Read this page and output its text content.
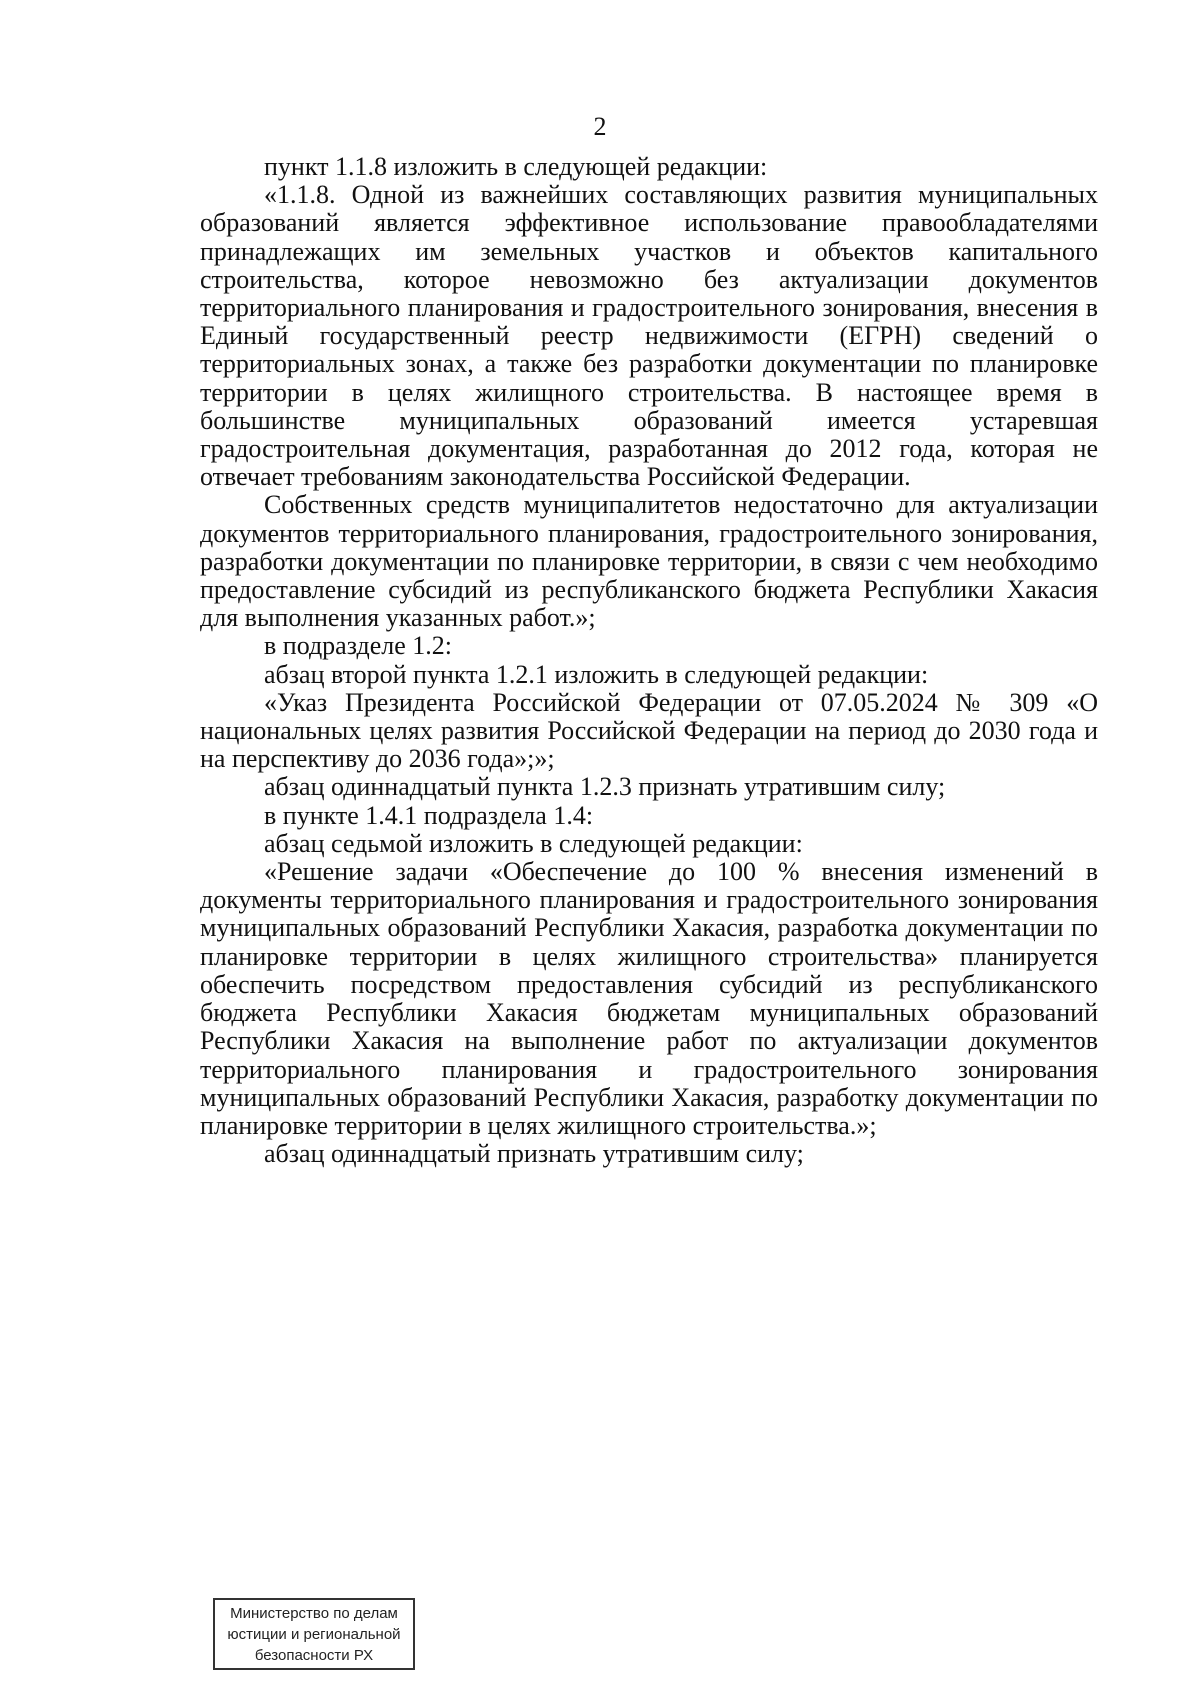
2

пункт 1.1.8 изложить в следующей редакции:

«1.1.8. Одной из важнейших составляющих развития муниципальных образований является эффективное использование правообладателями принадлежащих им земельных участков и объектов капитального строительства, которое невозможно без актуализации документов территориального планирования и градостроительного зонирования, внесения в Единый государственный реестр недвижимости (ЕГРН) сведений о территориальных зонах, а также без разработки документации по планировке территории в целях жилищного строительства. В настоящее время в большинстве муниципальных образований имеется устаревшая градостроительная документация, разработанная до 2012 года, которая не отвечает требованиям законодательства Российской Федерации.

Собственных средств муниципалитетов недостаточно для актуализации документов территориального планирования, градостроительного зонирования, разработки документации по планировке территории, в связи с чем необходимо предоставление субсидий из республиканского бюджета Республики Хакасия для выполнения указанных работ.»;

в подразделе 1.2:

абзац второй пункта 1.2.1 изложить в следующей редакции:

«Указ Президента Российской Федерации от 07.05.2024 № 309 «О национальных целях развития Российской Федерации на период до 2030 года и на перспективу до 2036 года»;»;

абзац одиннадцатый пункта 1.2.3 признать утратившим силу;

в пункте 1.4.1 подраздела 1.4:

абзац седьмой изложить в следующей редакции:

«Решение задачи «Обеспечение до 100 % внесения изменений в документы территориального планирования и градостроительного зонирования муниципальных образований Республики Хакасия, разработка документации по планировке территории в целях жилищного строительства» планируется обеспечить посредством предоставления субсидий из республиканского бюджета Республики Хакасия бюджетам муниципальных образований Республики Хакасия на выполнение работ по актуализации документов территориального планирования и градостроительного зонирования муниципальных образований Республики Хакасия, разработку документации по планировке территории в целях жилищного строительства.»;

абзац одиннадцатый признать утратившим силу;

Министерство по делам
юстиции и региональной
безопасности РХ
